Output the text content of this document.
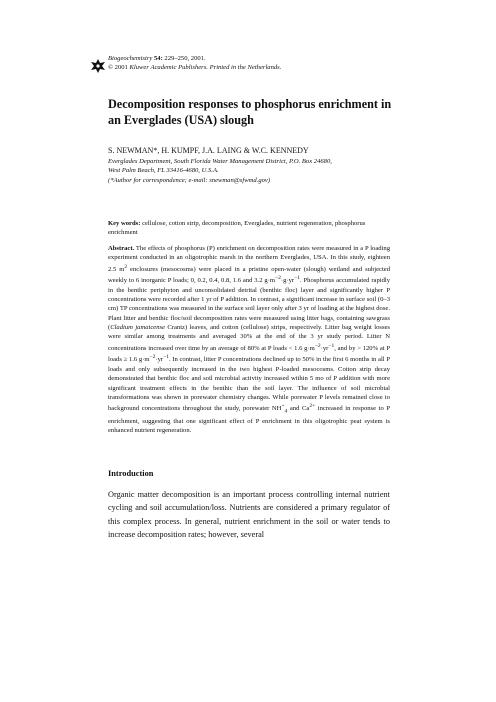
Biogeochemistry 54: 229–250, 2001.
© 2001 Kluwer Academic Publishers. Printed in the Netherlands.
Decomposition responses to phosphorus enrichment in an Everglades (USA) slough
S. NEWMAN*, H. KUMPF, J.A. LAING & W.C. KENNEDY
Everglades Department, South Florida Water Management District, P.O. Box 24680,
West Palm Beach, FL 33416-4680, U.S.A.
(*Author for correspondence; e-mail: snewman@sfwmd.gov)
Key words: cellulose, cotton strip, decomposition, Everglades, nutrient regeneration, phosphorus enrichment
Abstract. The effects of phosphorus (P) enrichment on decomposition rates were measured in a P loading experiment conducted in an oligotrophic marsh in the northern Everglades, USA. In this study, eighteen 2.5 $m^2$ enclosures (mesocosms) were placed in a pristine open-water (slough) wetland and subjected weekly to 6 inorganic P loads; 0, 0.2, 0.4, 0.8, 1.6 and 3.2 $g\cdot m^{-2}\cdot g\cdot yr^{-1}$. Phosphorus accumulated rapidly in the benthic periphyton and unconsolidated detrital (benthic floc) layer and significantly higher P concentrations were recorded after 1 yr of P addition. In contrast, a significant increase in surface soil (0–3 cm) TP concentrations was measured in the surface soil layer only after 3 yr of loading at the highest dose. Plant litter and benthic floc/soil decomposition rates were measured using litter bags, containing sawgrass (Cladium jamaicense Crantz) leaves, and cotton (cellulose) strips, respectively. Litter bag weight losses were similar among treatments and averaged 30% at the end of the 3 yr study period. Litter N concentrations increased over time by an average of 80% at P loads < 1.6 $g\cdot m^{-2}\cdot yr^{-1}$, and by > 120% at P loads ≥ 1.6 $g\cdot m^{-2}\cdot yr^{-1}$. In contrast, litter P concentrations declined up to 50% in the first 6 months in all P loads and only subsequently increased in the two highest P-loaded mesocosms. Cotton strip decay demonstrated that benthic floc and soil microbial activity increased within 5 mo of P addition with more significant treatment effects in the benthic than the soil layer. The influence of soil microbial transformations was shown in porewater chemistry changes. While porewater P levels remained close to background concentrations throughout the study, porewater $NH^+_4$ and $Ca^{2+}$ increased in response to P enrichment, suggesting that one significant effect of P enrichment in this oligotrophic peat system is enhanced nutrient regeneration.
Introduction
Organic matter decomposition is an important process controlling internal nutrient cycling and soil accumulation/loss. Nutrients are considered a primary regulator of this complex process. In general, nutrient enrichment in the soil or water tends to increase decomposition rates; however, several
